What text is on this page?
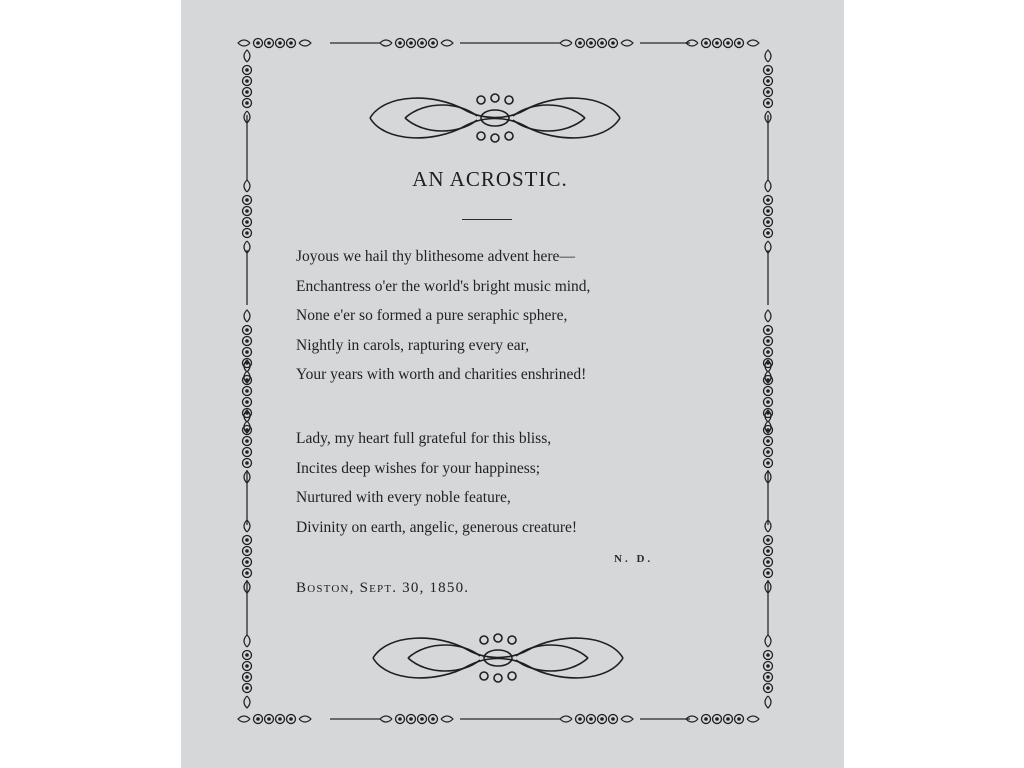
AN ACROSTIC.
Joyous we hail thy blithesome advent here—
Enchantress o'er the world's bright music mind,
None e'er so formed a pure seraphic sphere,
Nightly in carols, rapturing every ear,
Your years with worth and charities enshrined!
Lady, my heart full grateful for this bliss,
Incites deep wishes for your happiness;
Nurtured with every noble feature,
Divinity on earth, angelic, generous creature!
N. D.
Boston, Sept. 30, 1850.
